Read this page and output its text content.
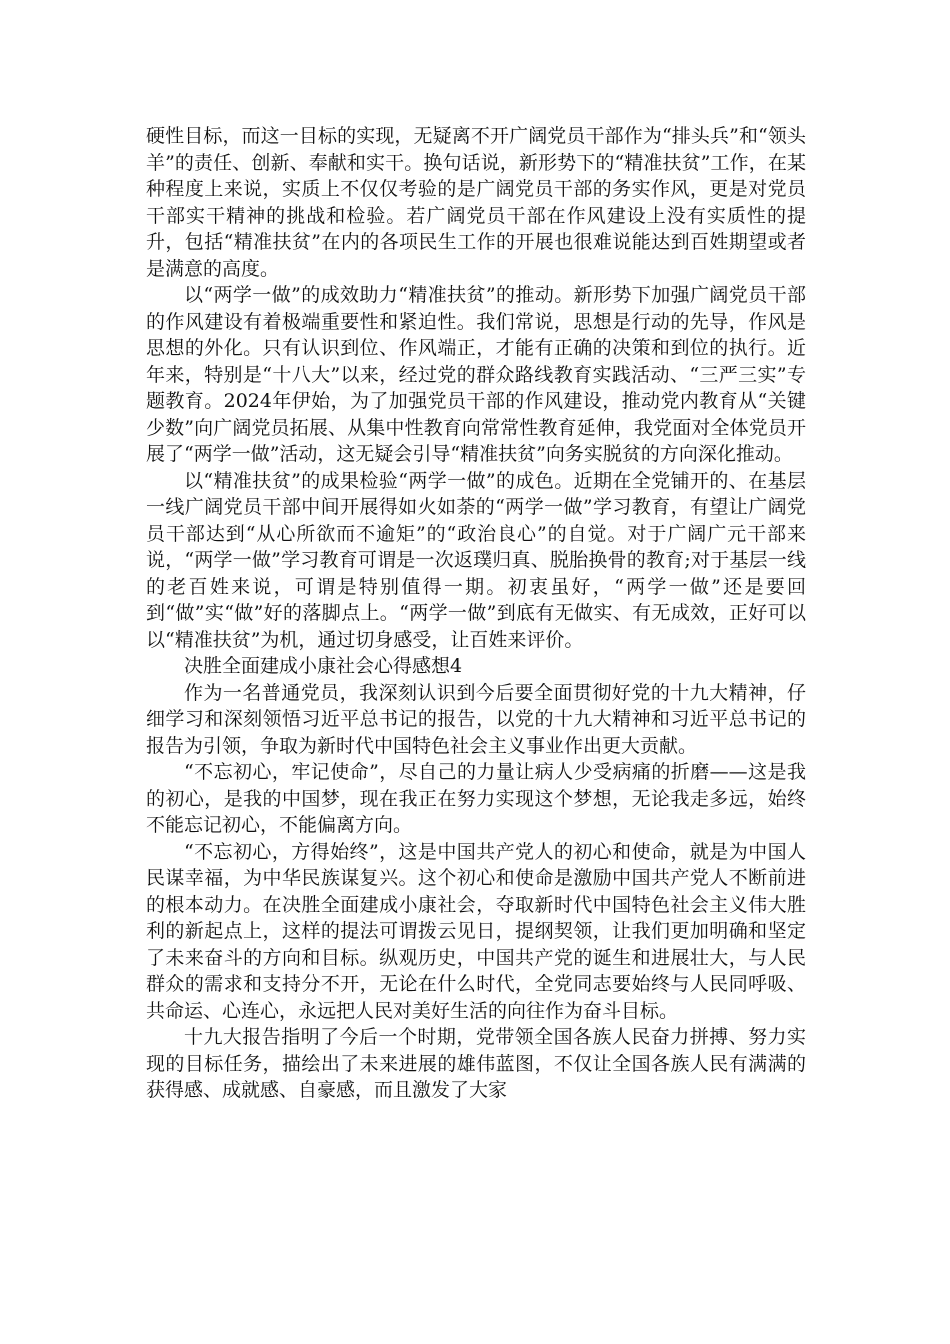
硬性目标，而这一目标的实现，无疑离不开广阔党员干部作为“排头兵”和“领头羊”的责任、创新、奉献和实干。换句话说，新形势下的“精准扶贫”工作，在某种程度上来说，实质上不仅仅考验的是广阔党员干部的务实作风，更是对党员干部实干精神的挑战和检验。若广阔党员干部在作风建设上没有实质性的提升，包括“精准扶贫”在内的各项民生工作的开展也很难说能达到百姓期望或者是满意的高度。

以“两学一做”的成效助力“精准扶贫”的推动。新形势下加强广阔党员干部的作风建设有着极端重要性和紧迫性。我们常说，思想是行动的先导，作风是思想的外化。只有认识到位、作风端正，才能有正确的决策和到位的执行。近年来，特别是“十八大”以来，经过党的群众路线教育实践活动、“三严三实”专题教育。2024年伊始，为了加强党员干部的作风建设，推动党内教育从“关键少数”向广阔党员拓展、从集中性教育向常常性教育延伸，我党面对全体党员开展了“两学一做”活动，这无疑会引导“精准扶贫”向务实脱贫的方向深化推动。

以“精准扶贫”的成果检验“两学一做”的成色。近期在全党铺开的、在基层一线广阔党员干部中间开展得如火如荼的“两学一做”学习教育，有望让广阔党员干部达到“从心所欲而不逾矩”的“政治良心”的自觉。对于广阔广元干部来说，“两学一做”学习教育可谓是一次返璞归真、脱胎换骨的教育;对于基层一线的老百姓来说，可谓是特别值得一期。初衷虽好，“两学一做”还是要回到“做”实“做”好的落脚点上。“两学一做”到底有无做实、有无成效，正好可以以“精准扶贫”为机，通过切身感受，让百姓来评价。

决胜全面建成小康社会心得感想4

作为一名普通党员，我深刻认识到今后要全面贯彻好党的十九大精神，仔细学习和深刻领悟习近平总书记的报告，以党的十九大精神和习近平总书记的报告为引领，争取为新时代中国特色社会主义事业作出更大贡献。

“不忘初心，牢记使命”，尽自己的力量让病人少受病痛的折磨——这是我的初心，是我的中国梦，现在我正在努力实现这个梦想，无论我走多远，始终不能忘记初心，不能偏离方向。

“不忘初心，方得始终”，这是中国共产党人的初心和使命，就是为中国人民谋幸福，为中华民族谋复兴。这个初心和使命是激励中国共产党人不断前进的根本动力。在决胜全面建成小康社会，夺取新时代中国特色社会主义伟大胜利的新起点上，这样的提法可谓拨云见日，提纲契领，让我们更加明确和坚定了未来奋斗的方向和目标。纵观历史，中国共产党的诞生和进展壮大，与人民群众的需求和支持分不开，无论在什么时代，全党同志要始终与人民同呼吸、共命运、心连心，永远把人民对美好生活的向往作为奋斗目标。

十九大报告指明了今后一个时期，党带领全国各族人民奋力拼搏、努力实现的目标任务，描绘出了未来进展的雄伟蓝图，不仅让全国各族人民有满满的获得感、成就感、自豪感，而且激发了大家
